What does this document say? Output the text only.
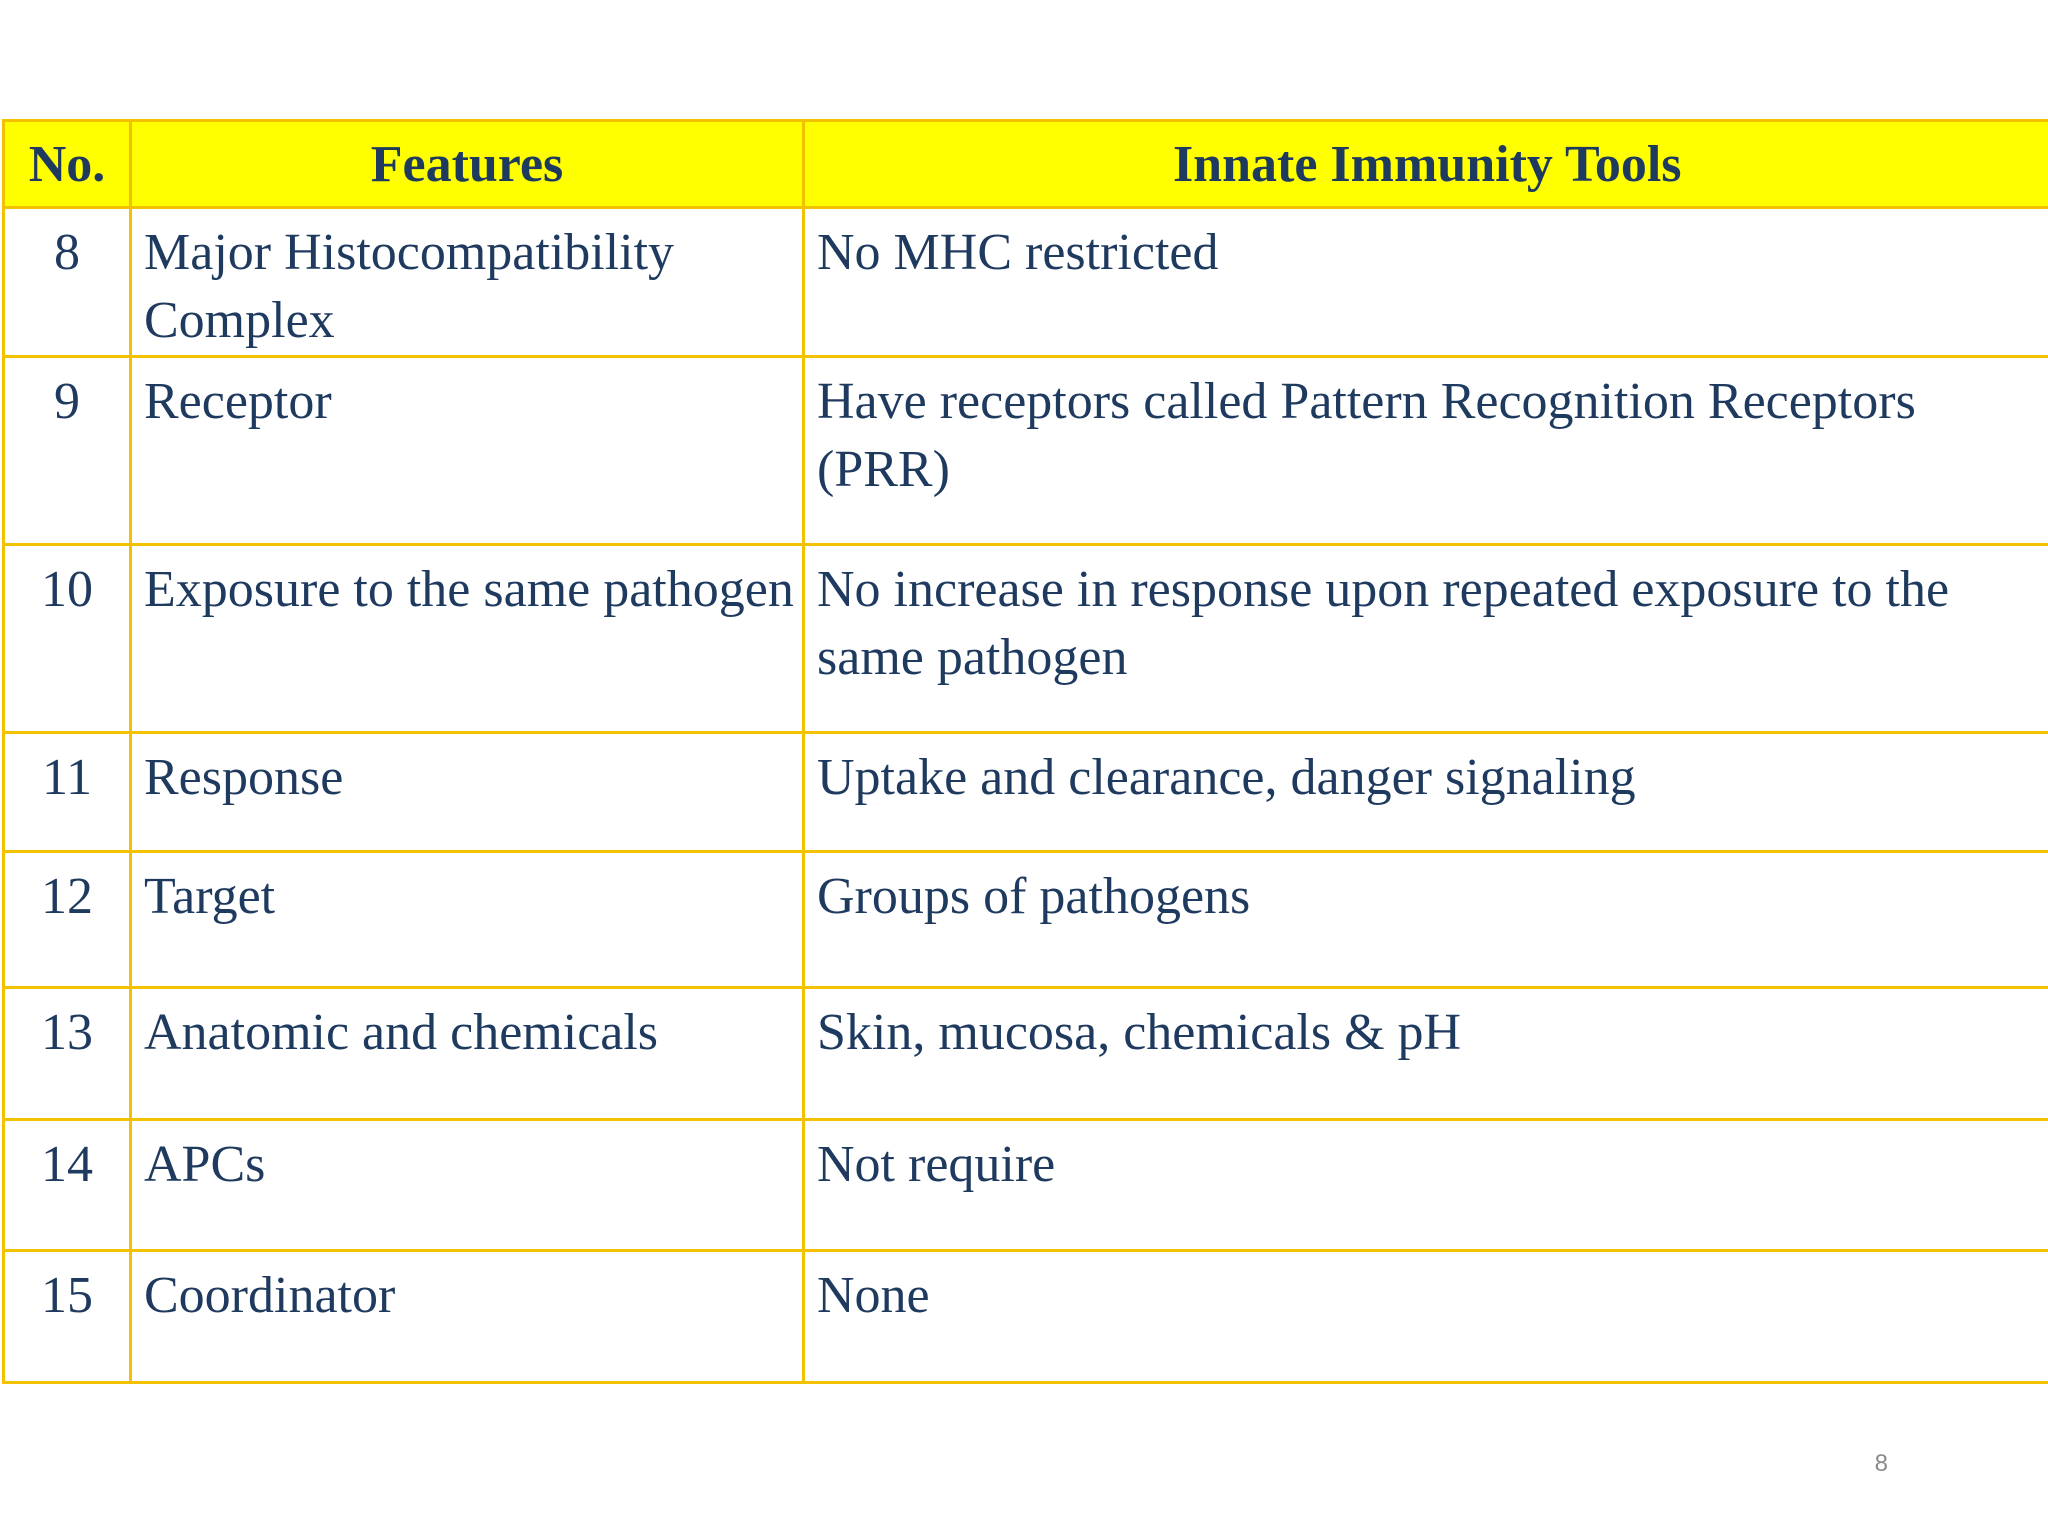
No.	Features	Innate Immunity Tools
8	Major Histocompatibility Complex	No MHC restricted
9	Receptor	Have receptors called Pattern Recognition Receptors (PRR)
10	Exposure to the same pathogen	No increase in response upon repeated exposure to the same pathogen
11	Response	Uptake and clearance, danger signaling
12	Target	Groups of pathogens
13	Anatomic and chemicals	Skin, mucosa, chemicals & pH
14	APCs	Not require
15	Coordinator	None
8
